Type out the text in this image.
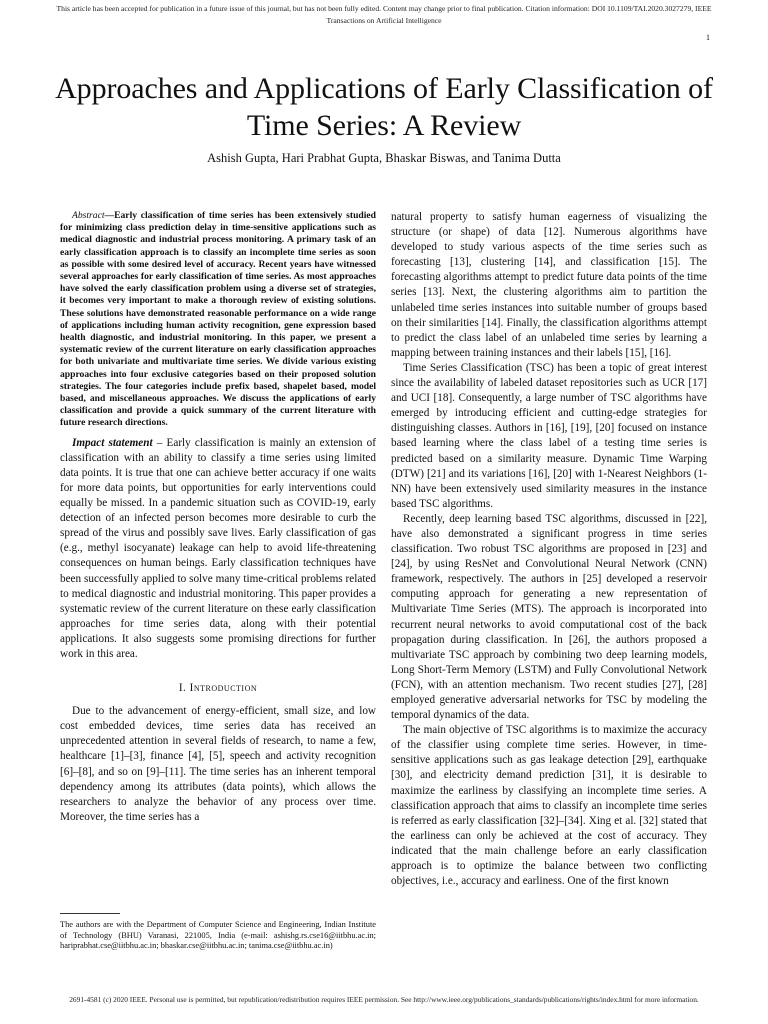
This article has been accepted for publication in a future issue of this journal, but has not been fully edited. Content may change prior to final publication. Citation information: DOI 10.1109/TAI.2020.3027279, IEEE
Transactions on Artificial Intelligence
1
Approaches and Applications of Early Classification of Time Series: A Review
Ashish Gupta, Hari Prabhat Gupta, Bhaskar Biswas, and Tanima Dutta

Abstract—Early classification of time series has been extensively studied for minimizing class prediction delay in time-sensitive applications such as medical diagnostic and industrial process monitoring. A primary task of an early classification approach is to classify an incomplete time series as soon as possible with some desired level of accuracy. Recent years have witnessed several approaches for early classification of time series. As most approaches have solved the early classification problem using a diverse set of strategies, it becomes very important to make a thorough review of existing solutions. These solutions have demonstrated reasonable performance on a wide range of applications including human activity recognition, gene expression based health diagnostic, and industrial monitoring. In this paper, we present a systematic review of the current literature on early classification approaches for both univariate and multivariate time series. We divide various existing approaches into four exclusive categories based on their proposed solution strategies. The four categories include prefix based, shapelet based, model based, and miscellaneous approaches. We discuss the applications of early classification and provide a quick summary of the current literature with future research directions.

Impact statement – Early classification is mainly an extension of classification with an ability to classify a time series using limited data points. It is true that one can achieve better accuracy if one waits for more data points, but opportunities for early interventions could equally be missed. In a pandemic situation such as COVID-19, early detection of an infected person becomes more desirable to curb the spread of the virus and possibly save lives. Early classification of gas (e.g., methyl isocyanate) leakage can help to avoid life-threatening consequences on human beings. Early classification techniques have been successfully applied to solve many time-critical problems related to medical diagnostic and industrial monitoring. This paper provides a systematic review of the current literature on these early classification approaches for time series data, along with their potential applications. It also suggests some promising directions for further work in this area.

I. Introduction

Due to the advancement of energy-efficient, small size, and low cost embedded devices, time series data has received an unprecedented attention in several fields of research, to name a few, healthcare [1]–[3], finance [4], [5], speech and activity recognition [6]–[8], and so on [9]–[11]. The time series has an inherent temporal dependency among its attributes (data points), which allows the researchers to analyze the behavior of any process over time. Moreover, the time series has a

natural property to satisfy human eagerness of visualizing the structure (or shape) of data [12]. Numerous algorithms have developed to study various aspects of the time series such as forecasting [13], clustering [14], and classification [15]. The forecasting algorithms attempt to predict future data points of the time series [13]. Next, the clustering algorithms aim to partition the unlabeled time series instances into suitable number of groups based on their similarities [14]. Finally, the classification algorithms attempt to predict the class label of an unlabeled time series by learning a mapping between training instances and their labels [15], [16].

Time Series Classification (TSC) has been a topic of great interest since the availability of labeled dataset repositories such as UCR [17] and UCI [18]. Consequently, a large number of TSC algorithms have emerged by introducing efficient and cutting-edge strategies for distinguishing classes. Authors in [16], [19], [20] focused on instance based learning where the class label of a testing time series is predicted based on a similarity measure. Dynamic Time Warping (DTW) [21] and its variations [16], [20] with 1-Nearest Neighbors (1-NN) have been extensively used similarity measures in the instance based TSC algorithms.

Recently, deep learning based TSC algorithms, discussed in [22], have also demonstrated a significant progress in time series classification. Two robust TSC algorithms are proposed in [23] and [24], by using ResNet and Convolutional Neural Network (CNN) framework, respectively. The authors in [25] developed a reservoir computing approach for generating a new representation of Multivariate Time Series (MTS). The approach is incorporated into recurrent neural networks to avoid computational cost of the back propagation during classification. In [26], the authors proposed a multivariate TSC approach by combining two deep learning models, Long Short-Term Memory (LSTM) and Fully Convolutional Network (FCN), with an attention mechanism. Two recent studies [27], [28] employed generative adversarial networks for TSC by modeling the temporal dynamics of the data.

The main objective of TSC algorithms is to maximize the accuracy of the classifier using complete time series. However, in time-sensitive applications such as gas leakage detection [29], earthquake [30], and electricity demand prediction [31], it is desirable to maximize the earliness by classifying an incomplete time series. A classification approach that aims to classify an incomplete time series is referred as early classification [32]–[34]. Xing et al. [32] stated that the earliness can only be achieved at the cost of accuracy. They indicated that the main challenge before an early classification approach is to optimize the balance between two conflicting objectives, i.e., accuracy and earliness. One of the first known

The authors are with the Department of Computer Science and Engineering, Indian Institute of Technology (BHU) Varanasi, 221005, India (e-mail: ashishg.rs.cse16@iitbhu.ac.in; hariprabhat.cse@iitbhu.ac.in; bhaskar.cse@iitbhu.ac.in; tanima.cse@iitbhu.ac.in)
2691-4581 (c) 2020 IEEE. Personal use is permitted, but republication/redistribution requires IEEE permission. See http://www.ieee.org/publications_standards/publications/rights/index.html for more information.
